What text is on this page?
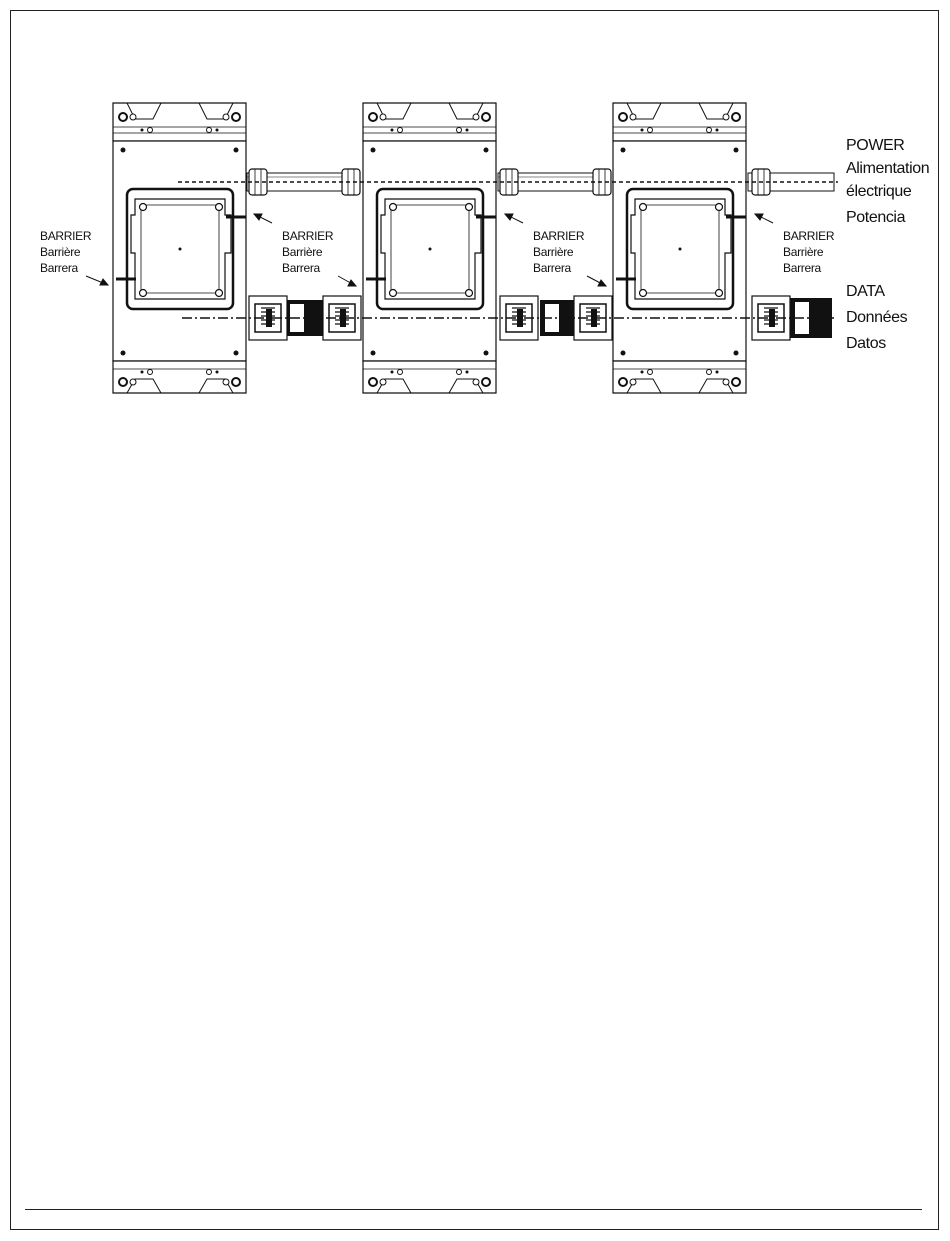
BARRIER
Barrière
Barrera
BARRIER
Barrière
Barrera
BARRIER
Barrière
Barrera
BARRIER
Barrière
Barrera
POWER
Alimentation
électrique
Potencia
DATA
Données
Datos
